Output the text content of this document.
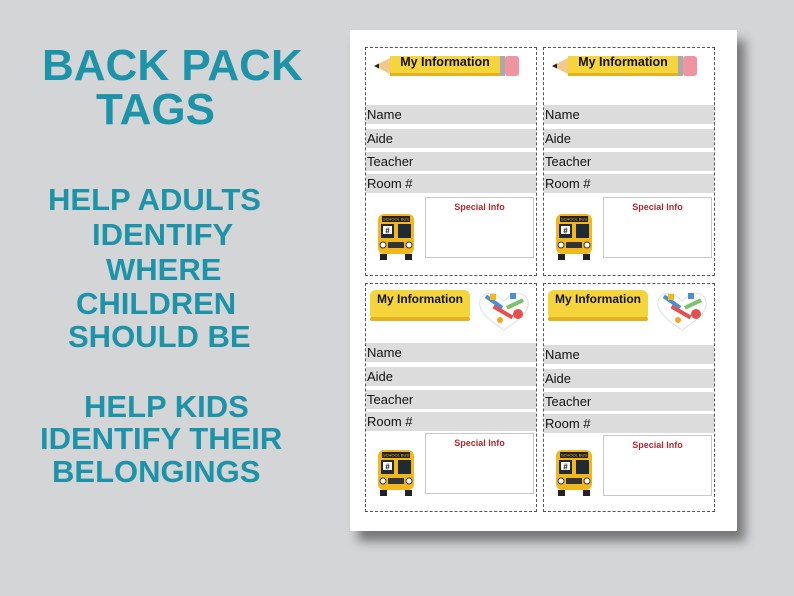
BACK PACK

TAGS

HELP ADULTS

IDENTIFY

WHERE

CHILDREN

SHOULD BE

HELP KIDS

IDENTIFY THEIR

BELONGINGS

My Information
Name
Aide
Teacher
Room #
SCHOOL BUS
#
Special Info
My Information
Name
Aide
Teacher
Room #
SCHOOL BUS
#
Special Info
My Information
Name
Aide
Teacher
Room #
SCHOOL BUS
#
Special Info
My Information
Name
Aide
Teacher
Room #
SCHOOL BUS
#
Special Info
